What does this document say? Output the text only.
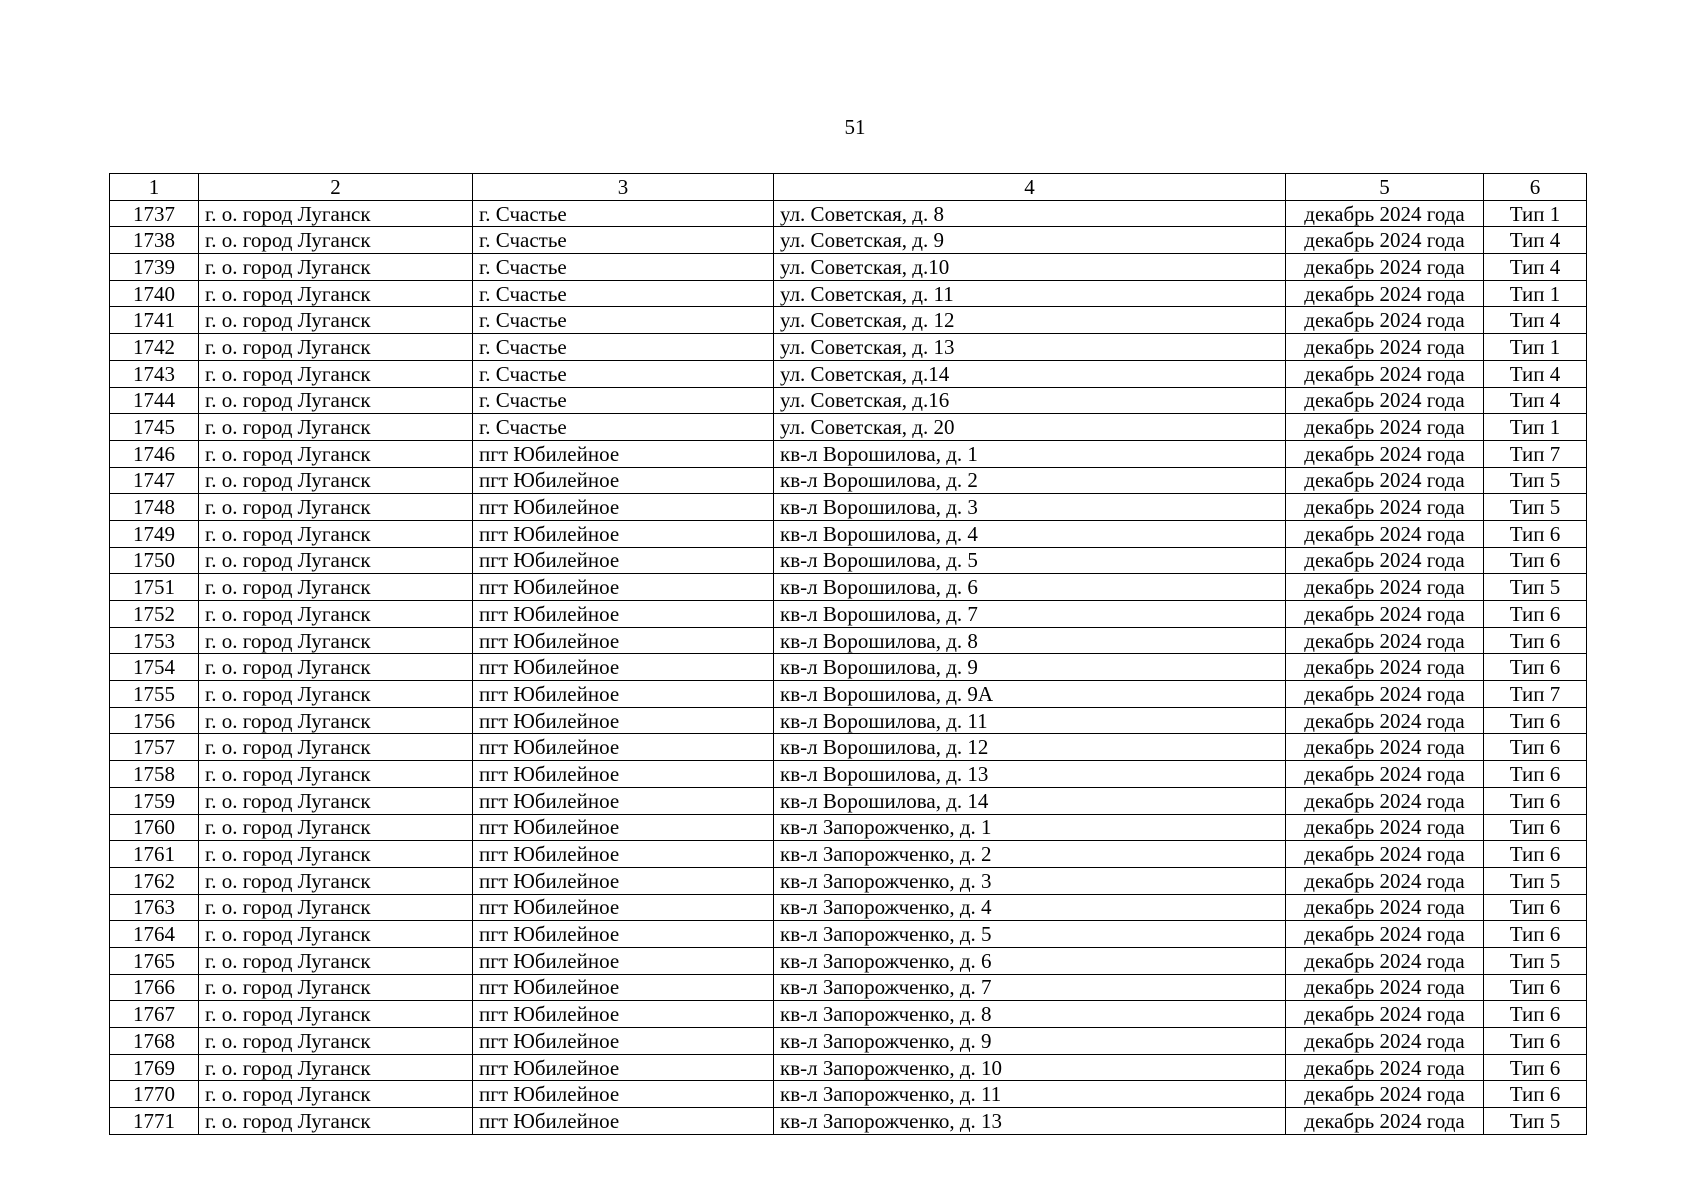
51
1	2	3	4	5	6
1737	г. о. город Луганск	г. Счастье	ул. Советская, д. 8	декабрь 2024 года	Тип 1
1738	г. о. город Луганск	г. Счастье	ул. Советская, д. 9	декабрь 2024 года	Тип 4
1739	г. о. город Луганск	г. Счастье	ул. Советская, д.10	декабрь 2024 года	Тип 4
1740	г. о. город Луганск	г. Счастье	ул. Советская, д. 11	декабрь 2024 года	Тип 1
1741	г. о. город Луганск	г. Счастье	ул. Советская, д. 12	декабрь 2024 года	Тип 4
1742	г. о. город Луганск	г. Счастье	ул. Советская, д. 13	декабрь 2024 года	Тип 1
1743	г. о. город Луганск	г. Счастье	ул. Советская, д.14	декабрь 2024 года	Тип 4
1744	г. о. город Луганск	г. Счастье	ул. Советская, д.16	декабрь 2024 года	Тип 4
1745	г. о. город Луганск	г. Счастье	ул. Советская, д. 20	декабрь 2024 года	Тип 1
1746	г. о. город Луганск	пгт Юбилейное	кв-л Ворошилова, д. 1	декабрь 2024 года	Тип 7
1747	г. о. город Луганск	пгт Юбилейное	кв-л Ворошилова, д. 2	декабрь 2024 года	Тип 5
1748	г. о. город Луганск	пгт Юбилейное	кв-л Ворошилова, д. 3	декабрь 2024 года	Тип 5
1749	г. о. город Луганск	пгт Юбилейное	кв-л Ворошилова, д. 4	декабрь 2024 года	Тип 6
1750	г. о. город Луганск	пгт Юбилейное	кв-л Ворошилова, д. 5	декабрь 2024 года	Тип 6
1751	г. о. город Луганск	пгт Юбилейное	кв-л Ворошилова, д. 6	декабрь 2024 года	Тип 5
1752	г. о. город Луганск	пгт Юбилейное	кв-л Ворошилова, д. 7	декабрь 2024 года	Тип 6
1753	г. о. город Луганск	пгт Юбилейное	кв-л Ворошилова, д. 8	декабрь 2024 года	Тип 6
1754	г. о. город Луганск	пгт Юбилейное	кв-л Ворошилова, д. 9	декабрь 2024 года	Тип 6
1755	г. о. город Луганск	пгт Юбилейное	кв-л Ворошилова, д. 9А	декабрь 2024 года	Тип 7
1756	г. о. город Луганск	пгт Юбилейное	кв-л Ворошилова, д. 11	декабрь 2024 года	Тип 6
1757	г. о. город Луганск	пгт Юбилейное	кв-л Ворошилова, д. 12	декабрь 2024 года	Тип 6
1758	г. о. город Луганск	пгт Юбилейное	кв-л Ворошилова, д. 13	декабрь 2024 года	Тип 6
1759	г. о. город Луганск	пгт Юбилейное	кв-л Ворошилова, д. 14	декабрь 2024 года	Тип 6
1760	г. о. город Луганск	пгт Юбилейное	кв-л Запорожченко, д. 1	декабрь 2024 года	Тип 6
1761	г. о. город Луганск	пгт Юбилейное	кв-л Запорожченко, д. 2	декабрь 2024 года	Тип 6
1762	г. о. город Луганск	пгт Юбилейное	кв-л Запорожченко, д. 3	декабрь 2024 года	Тип 5
1763	г. о. город Луганск	пгт Юбилейное	кв-л Запорожченко, д. 4	декабрь 2024 года	Тип 6
1764	г. о. город Луганск	пгт Юбилейное	кв-л Запорожченко, д. 5	декабрь 2024 года	Тип 6
1765	г. о. город Луганск	пгт Юбилейное	кв-л Запорожченко, д. 6	декабрь 2024 года	Тип 5
1766	г. о. город Луганск	пгт Юбилейное	кв-л Запорожченко, д. 7	декабрь 2024 года	Тип 6
1767	г. о. город Луганск	пгт Юбилейное	кв-л Запорожченко, д. 8	декабрь 2024 года	Тип 6
1768	г. о. город Луганск	пгт Юбилейное	кв-л Запорожченко, д. 9	декабрь 2024 года	Тип 6
1769	г. о. город Луганск	пгт Юбилейное	кв-л Запорожченко, д. 10	декабрь 2024 года	Тип 6
1770	г. о. город Луганск	пгт Юбилейное	кв-л Запорожченко, д. 11	декабрь 2024 года	Тип 6
1771	г. о. город Луганск	пгт Юбилейное	кв-л Запорожченко, д. 13	декабрь 2024 года	Тип 5
